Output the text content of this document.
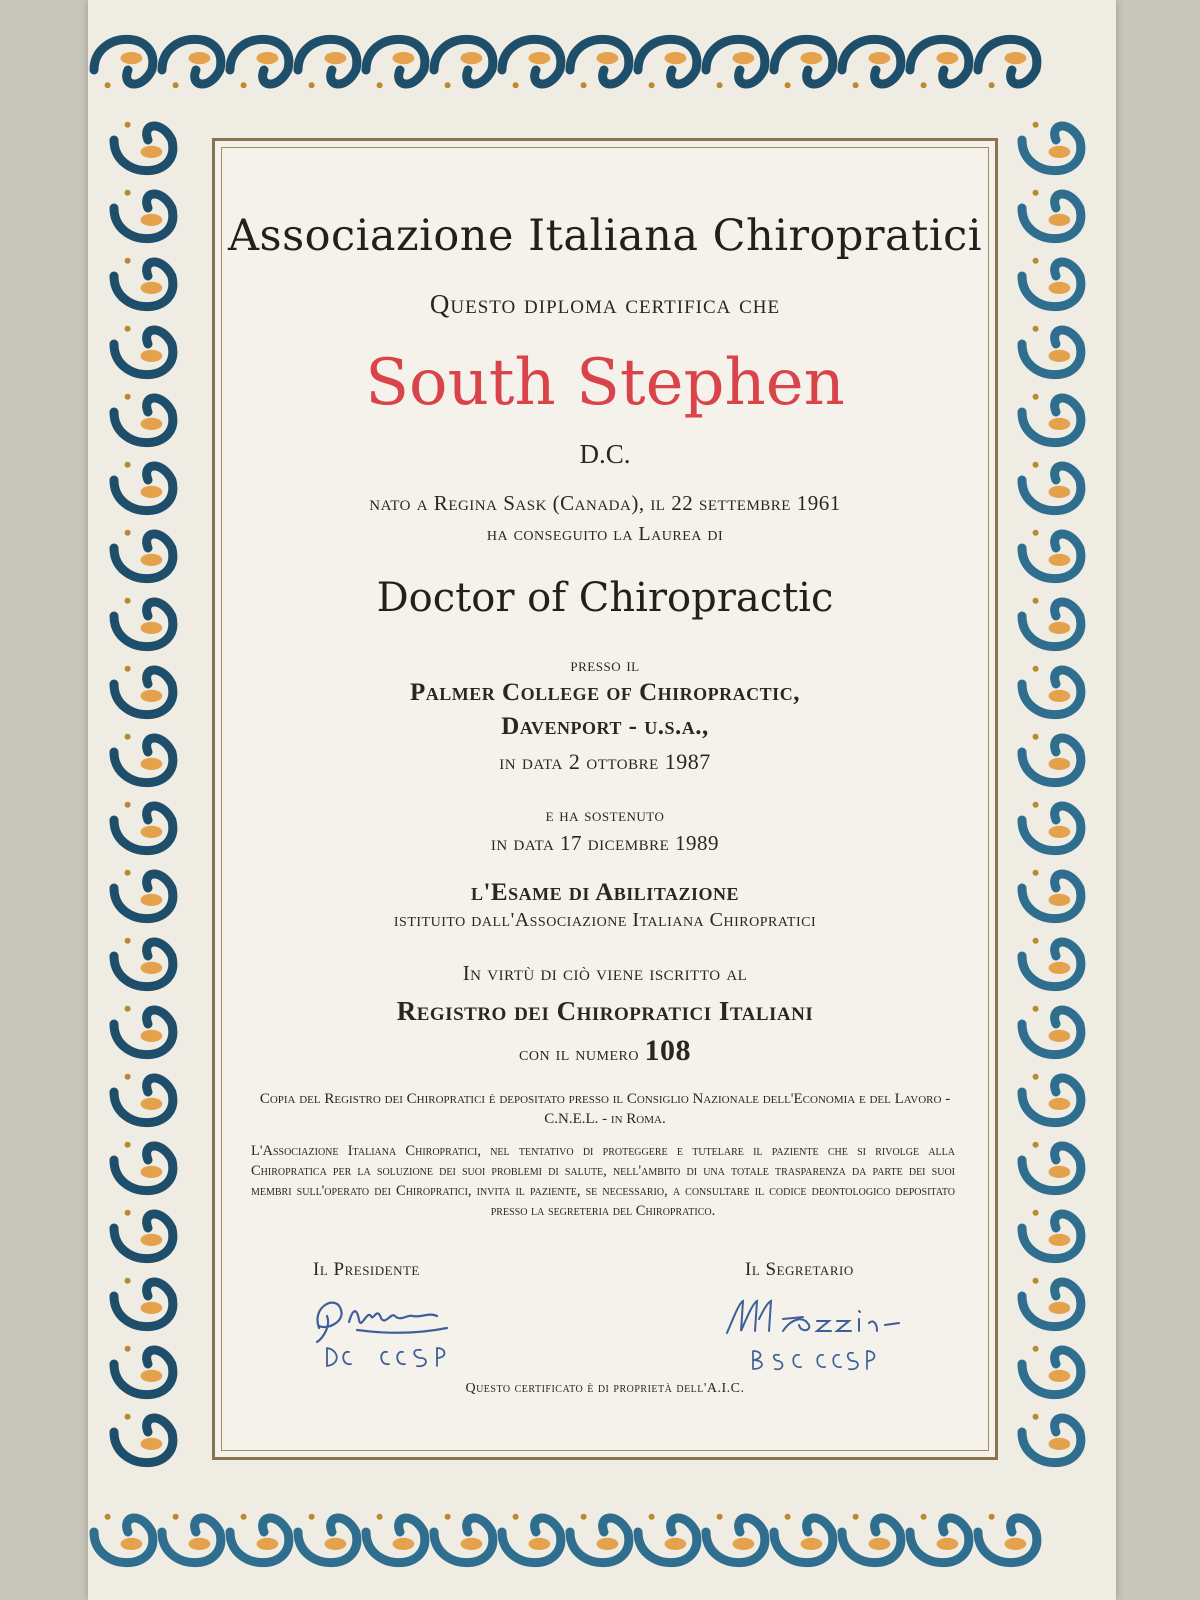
Associazione Italiana Chiropratici
Questo diploma certifica che
South Stephen
D.C.
nato a Regina Sask (Canada), il 22 settembre 1961
ha conseguito la Laurea di
Doctor of Chiropractic
presso il
Palmer College of Chiropractic,
Davenport - u.s.a.,
in data 2 ottobre 1987
e ha sostenuto
in data 17 dicembre 1989
l'Esame di Abilitazione
istituito dall'Associazione Italiana Chiropratici
In virtù di ciò viene iscritto al
Registro dei Chiropratici Italiani
con il numero 108
Copia del Registro dei Chiropratici è depositato presso il Consiglio Nazionale dell'Economia e del Lavoro - C.N.E.L. - in Roma.
L'Associazione Italiana Chiropratici, nel tentativo di proteggere e tutelare il paziente che si rivolge alla Chiropratica per la soluzione dei suoi problemi di salute, nell'ambito di una totale trasparenza da parte dei suoi membri sull'operato dei Chiropratici, invita il paziente, se necessario, a consultare il codice deontologico depositato presso la segreteria del Chiropratico.
Il Presidente	Il Segretario
Questo certificato è di proprietà dell'A.I.C.
